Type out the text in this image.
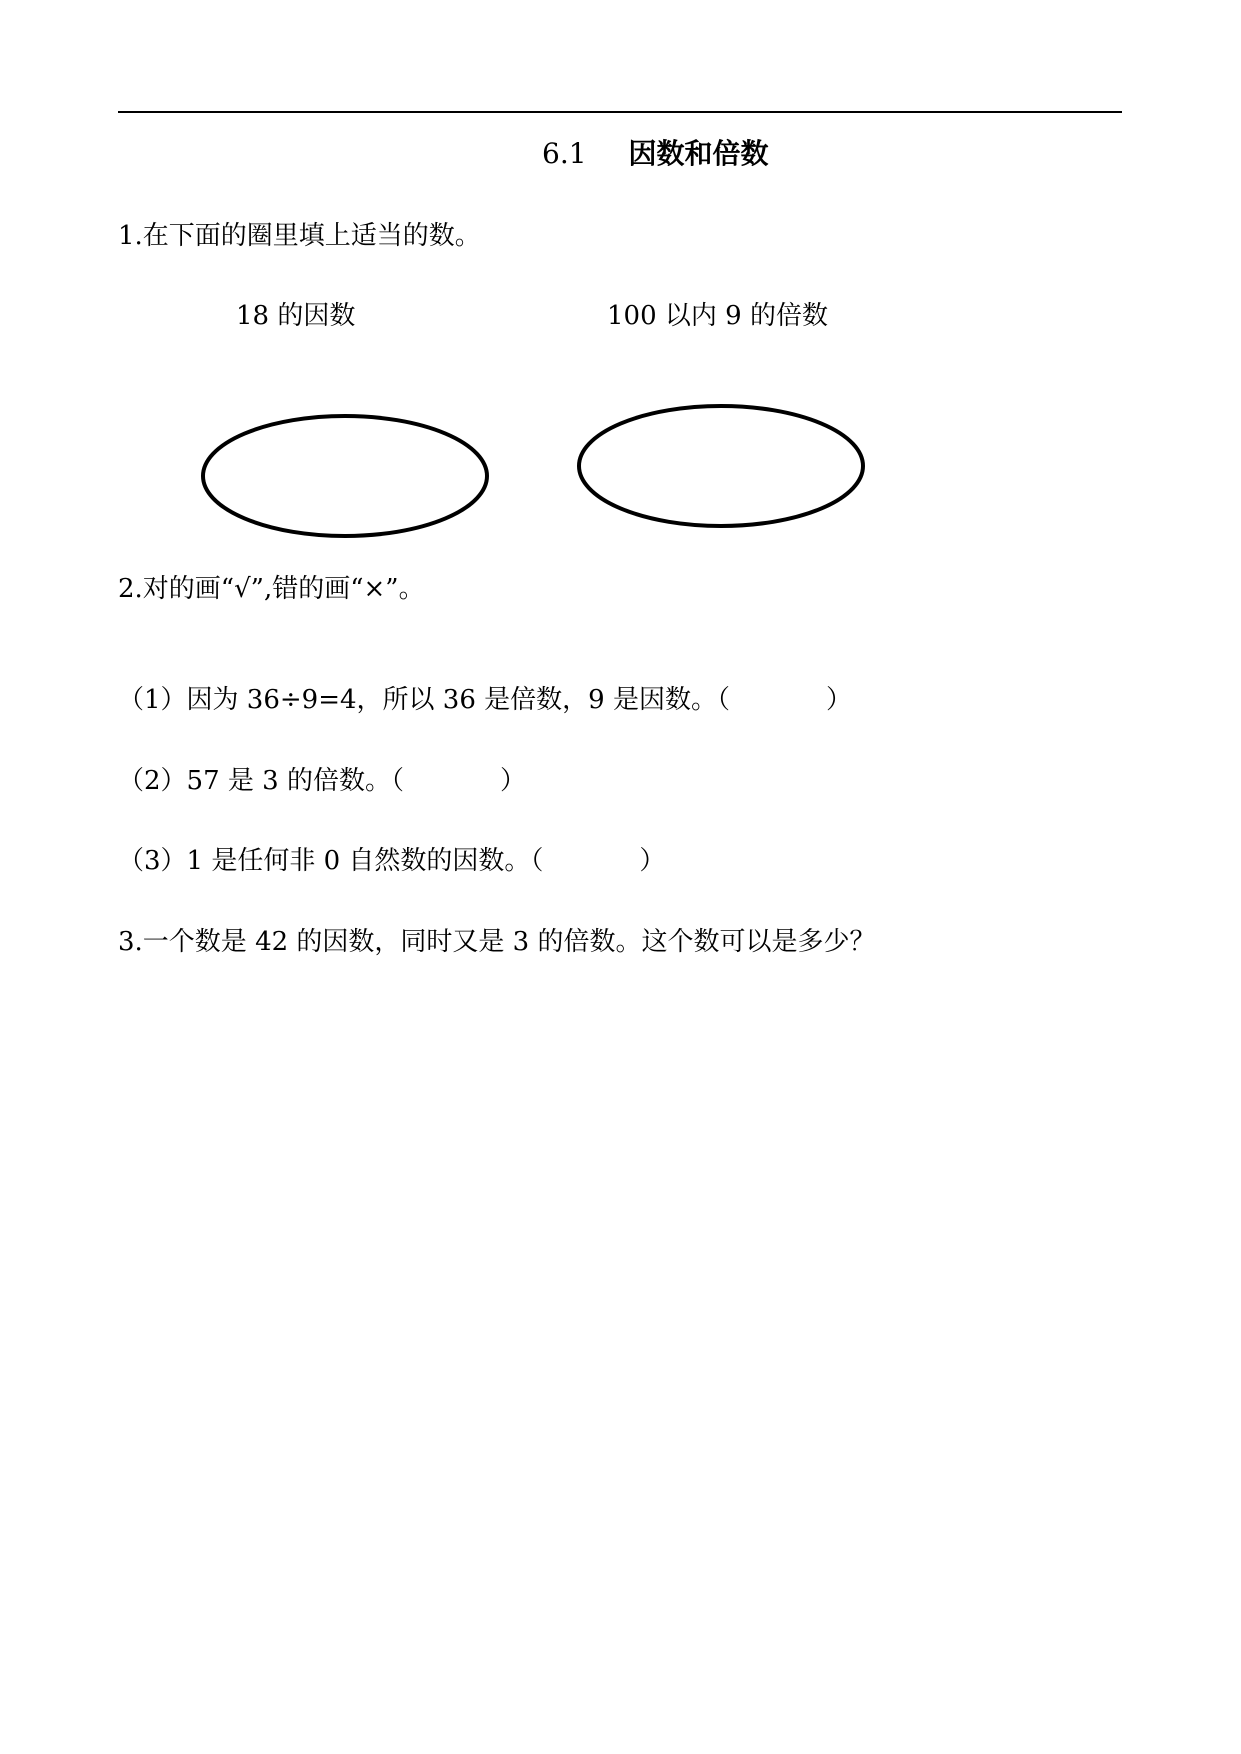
6.1 因数和倍数
1.在下面的圈里填上适当的数。
18 的因数	100 以内 9 的倍数
2.对的画“√”,错的画“×”。
（1）因为 36÷9=4，所以 36 是倍数，9 是因数。（	）
（2）57 是 3 的倍数。（	）
（3）1 是任何非 0 自然数的因数。（	）
3.一个数是 42 的因数，同时又是 3 的倍数。这个数可以是多少？
